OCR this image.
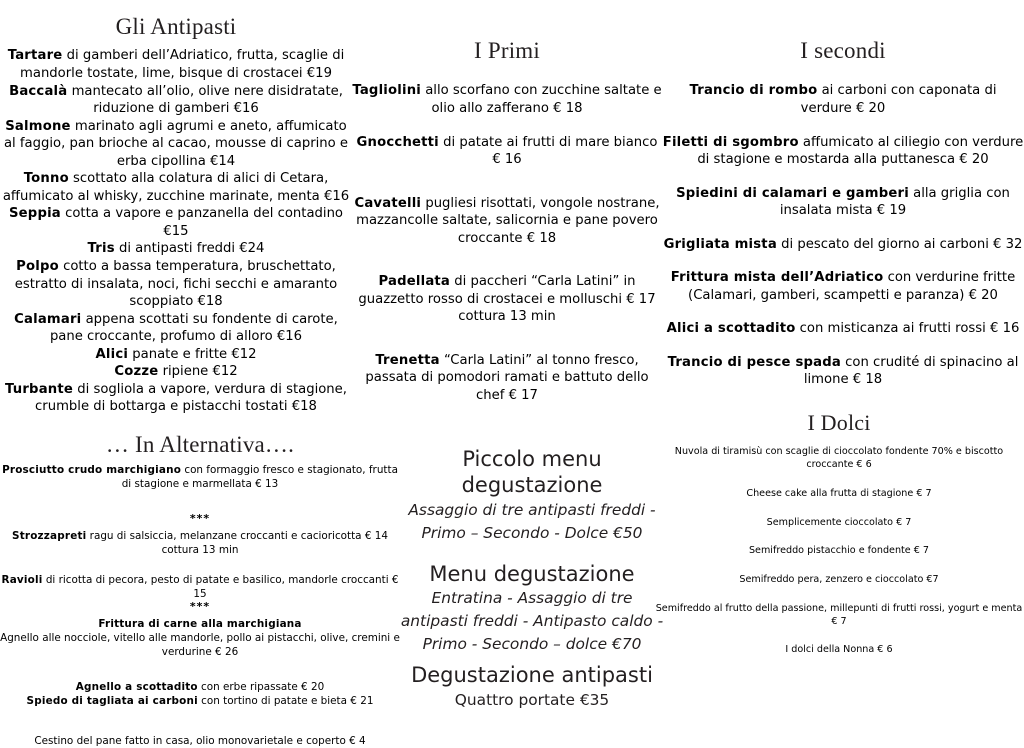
Gli Antipasti
Tartare di gamberi dell’Adriatico, frutta, scaglie di mandorle tostate, lime, bisque di crostacei €19
Baccalà mantecato all’olio, olive nere disidratate, riduzione di gamberi €16
Salmone marinato agli agrumi e aneto, affumicato al faggio, pan brioche al cacao, mousse di caprino e erba cipollina €14
Tonno scottato alla colatura di alici di Cetara, affumicato al whisky, zucchine marinate, menta €16
Seppia cotta a vapore e panzanella del contadino €15
Tris di antipasti freddi €24
Polpo cotto a bassa temperatura, bruschettato, estratto di insalata, noci, fichi secchi e amaranto scoppiato €18
Calamari appena scottati su fondente di carote, pane croccante, profumo di alloro €16
Alici panate e fritte €12
Cozze ripiene €12
Turbante di sogliola a vapore, verdura di stagione, crumble di bottarga e pistacchi tostati €18
… In Alternativa….
Prosciutto crudo marchigiano con formaggio fresco e stagionato, frutta di stagione e marmellata € 13
***
Strozzapreti ragu di salsiccia, melanzane croccanti e cacioricotta € 14 cottura 13 min
Ravioli di ricotta di pecora, pesto di patate e basilico, mandorle croccanti € 15
***
Frittura di carne alla marchigiana
Agnello alle nocciole, vitello alle mandorle, pollo ai pistacchi, olive, cremini e verdurine € 26
Agnello a scottadito con erbe ripassate € 20
Spiedo di tagliata ai carboni con tortino di patate e bieta € 21
Cestino del pane fatto in casa, olio monovarietale e coperto € 4
I Primi
Tagliolini allo scorfano con zucchine saltate e olio allo zafferano € 18
Gnocchetti di patate ai frutti di mare bianco € 16
Cavatelli pugliesi risottati, vongole nostrane, mazzancolle saltate, salicornia e pane povero croccante € 18
Padellata di paccheri “Carla Latini” in guazzetto rosso di crostacei e molluschi € 17 cottura 13 min
Trenetta “Carla Latini” al tonno fresco, passata di pomodori ramati e battuto dello chef € 17
Piccolo menu degustazione
Assaggio di tre antipasti freddi -
Primo – Secondo - Dolce €50
Menu degustazione
Entratina - Assaggio di tre
antipasti freddi - Antipasto caldo -
Primo - Secondo – dolce €70
Degustazione antipasti
Quattro portate €35
I secondi
Trancio di rombo ai carboni con caponata di verdure € 20
Filetti di sgombro affumicato al ciliegio con verdure di stagione e mostarda alla puttanesca € 20
Spiedini di calamari e gamberi alla griglia con insalata mista € 19
Grigliata mista di pescato del giorno ai carboni € 32
Frittura mista dell’Adriatico con verdurine fritte (Calamari, gamberi, scampetti e paranza) € 20
Alici a scottadito con misticanza ai frutti rossi € 16
Trancio di pesce spada con crudité di spinacino al limone € 18
I Dolci
Nuvola di tiramisù con scaglie di cioccolato fondente 70% e biscotto croccante € 6
Cheese cake alla frutta di stagione € 7
Semplicemente cioccolato € 7
Semifreddo pistacchio e fondente € 7
Semifreddo pera, zenzero e cioccolato €7
Semifreddo al frutto della passione, millepunti di frutti rossi, yogurt e menta € 7
I dolci della Nonna € 6
